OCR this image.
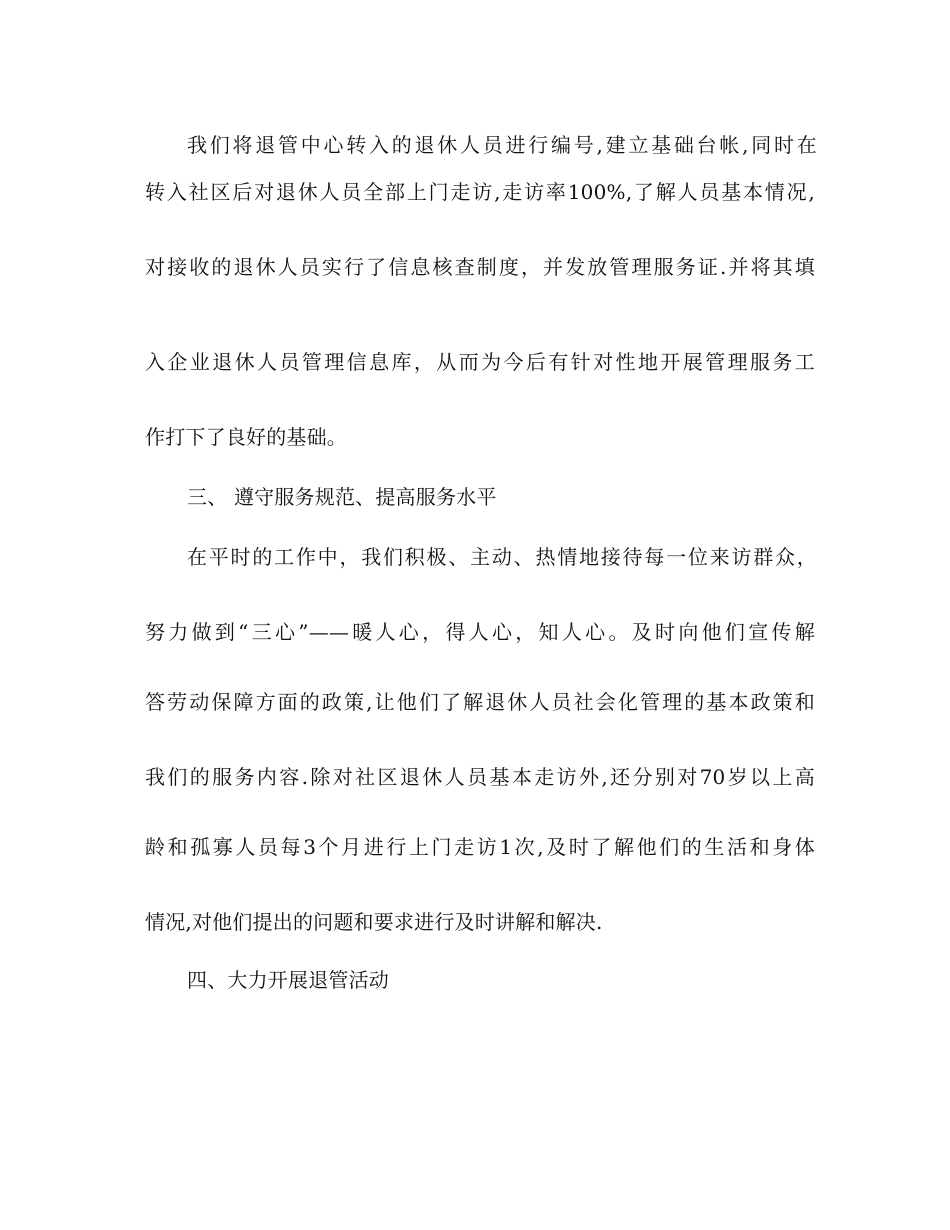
我们将退管中心转入的退休人员进行编号,建立基础台帐,同时在
转入社区后对退休人员全部上门走访,走访率100%,了解人员基本情况,
对接收的退休人员实行了信息核查制度，并发放管理服务证.并将其填
入企业退休人员管理信息库，从而为今后有针对性地开展管理服务工
作打下了良好的基础。
三、 遵守服务规范、提高服务水平
在平时的工作中，我们积极、主动、热情地接待每一位来访群众，
努力做到“三心”——暖人心，得人心，知人心。及时向他们宣传解
答劳动保障方面的政策,让他们了解退休人员社会化管理的基本政策和
我们的服务内容.除对社区退休人员基本走访外,还分别对70岁以上高
龄和孤寡人员每3个月进行上门走访1次,及时了解他们的生活和身体
情况,对他们提出的问题和要求进行及时讲解和解决.
四、大力开展退管活动
